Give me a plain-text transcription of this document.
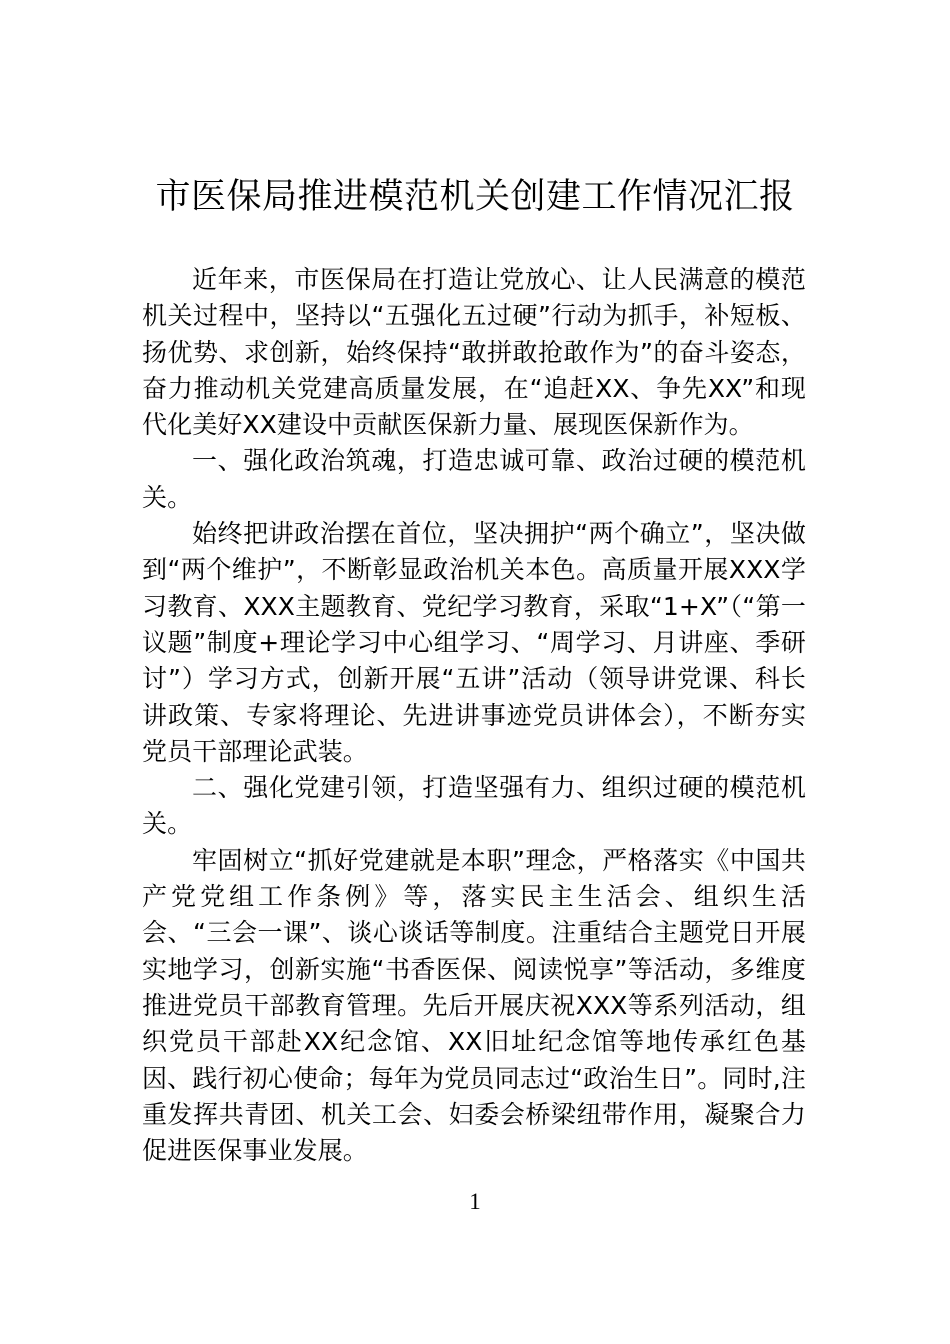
市医保局推进模范机关创建工作情况汇报

近年来，市医保局在打造让党放心、让人民满意的模范机关过程中，坚持以“五强化五过硬”行动为抓手，补短板、扬优势、求创新，始终保持“敢拼敢抢敢作为”的奋斗姿态，奋力推动机关党建高质量发展，在“追赶XX、争先XX”和现代化美好XX建设中贡献医保新力量、展现医保新作为。

一、强化政治筑魂，打造忠诚可靠、政治过硬的模范机关。

始终把讲政治摆在首位，坚决拥护“两个确立”，坚决做到“两个维护”，不断彰显政治机关本色。高质量开展XXX学习教育、XXX主题教育、党纪学习教育，采取“1+X”（“第一议题”制度+理论学习中心组学习、“周学习、月讲座、季研讨”）学习方式，创新开展“五讲”活动（领导讲党课、科长讲政策、专家将理论、先进讲事迹党员讲体会），不断夯实党员干部理论武装。

二、强化党建引领，打造坚强有力、组织过硬的模范机关。

牢固树立“抓好党建就是本职”理念，严格落实《中国共产党党组工作条例》等，落实民主生活会、组织生活会、“三会一课”、谈心谈话等制度。注重结合主题党日开展实地学习，创新实施“书香医保、阅读悦享”等活动，多维度推进党员干部教育管理。先后开展庆祝XXX等系列活动，组织党员干部赴XX纪念馆、XX旧址纪念馆等地传承红色基因、践行初心使命；每年为党员同志过“政治生日”。同时,注重发挥共青团、机关工会、妇委会桥梁纽带作用，凝聚合力促进医保事业发展。

1
